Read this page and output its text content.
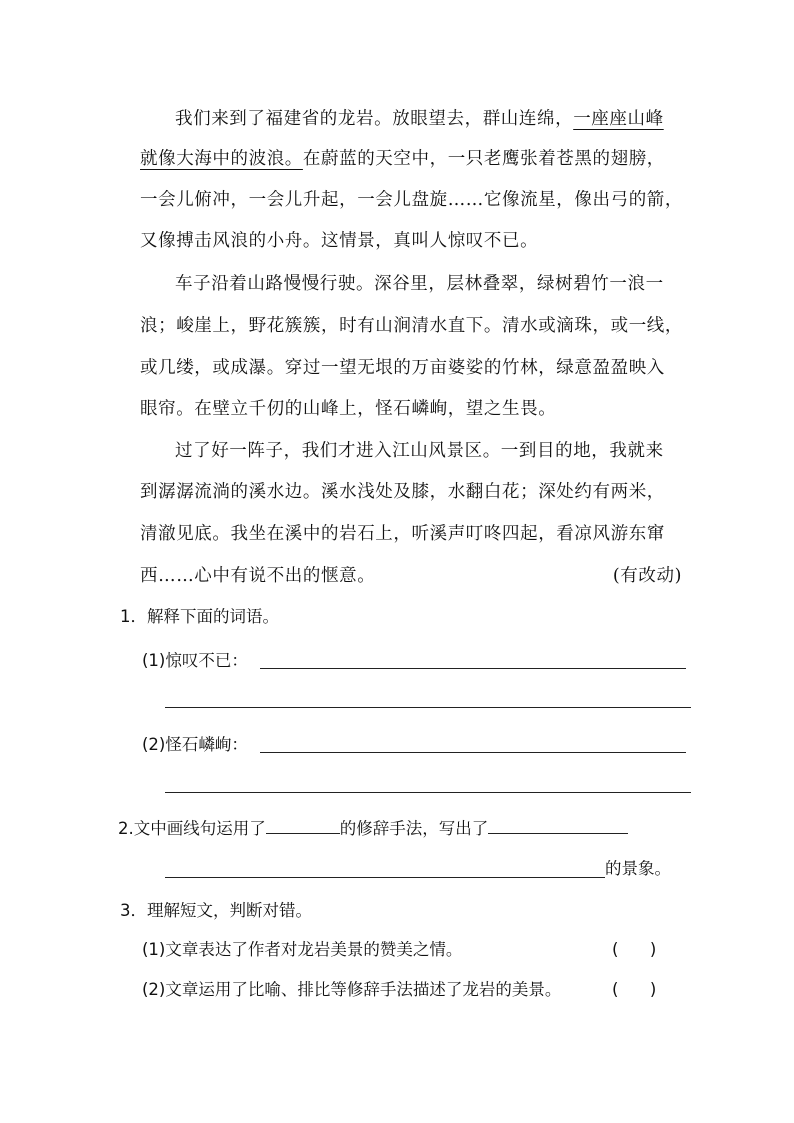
我们来到了福建省的龙岩。放眼望去，群山连绵，一座座山峰
就像大海中的波浪。在蔚蓝的天空中，一只老鹰张着苍黑的翅膀，
一会儿俯冲，一会儿升起，一会儿盘旋……它像流星，像出弓的箭，
又像搏击风浪的小舟。这情景，真叫人惊叹不已。
车子沿着山路慢慢行驶。深谷里，层林叠翠，绿树碧竹一浪一
浪；峻崖上，野花簇簇，时有山涧清水直下。清水或滴珠，或一线，
或几缕，或成瀑。穿过一望无垠的万亩婆娑的竹林，绿意盈盈映入
眼帘。在壁立千仞的山峰上，怪石嶙峋，望之生畏。
过了好一阵子，我们才进入江山风景区。一到目的地，我就来
到潺潺流淌的溪水边。溪水浅处及膝，水翻白花；深处约有两米，
清澈见底。我坐在溪中的岩石上，听溪声叮咚四起，看凉风游东窜
西……心中有说不出的惬意。	(有改动)
1．解释下面的词语。
(1)惊叹不已：
(2)怪石嶙峋：
2.文中画线句运用了	的修辞手法，写出了
的景象。
3．理解短文，判断对错。
(1)文章表达了作者对龙岩美景的赞美之情。	(      )
(2)文章运用了比喻、排比等修辞手法描述了龙岩的美景。	(      )
